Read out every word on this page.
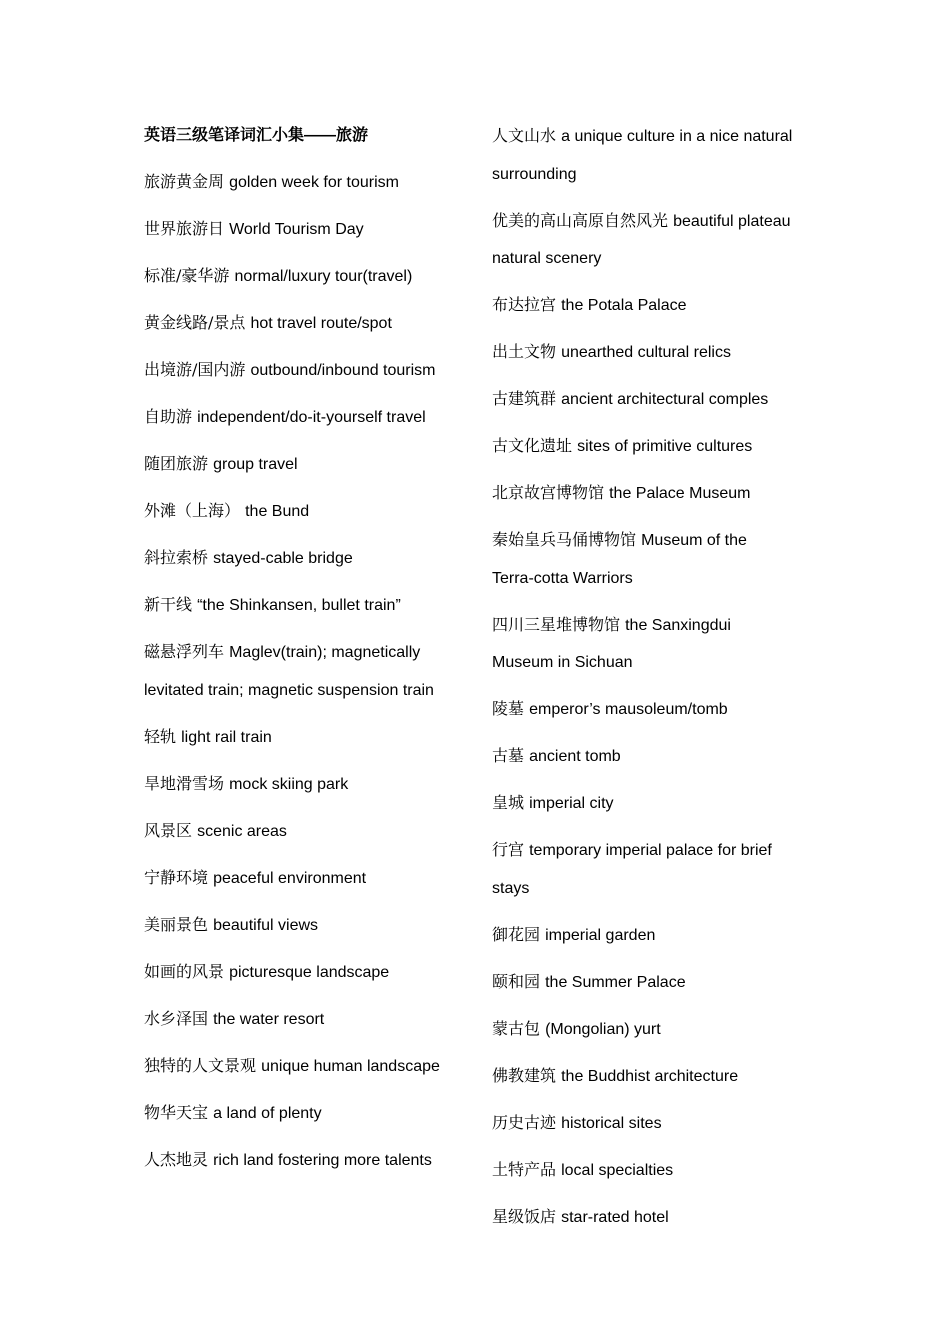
英语三级笔译词汇小集——旅游
旅游黄金周 golden week for tourism
世界旅游日 World Tourism Day
标准/豪华游 normal/luxury tour(travel)
黄金线路/景点 hot travel route/spot
出境游/国内游 outbound/inbound tourism
自助游 independent/do-it-yourself travel
随团旅游 group travel
外滩（上海） the Bund
斜拉索桥 stayed-cable bridge
新干线 “the Shinkansen, bullet train”
磁悬浮列车 Maglev(train); magnetically
levitated train; magnetic suspension train
轻轨 light rail train
旱地滑雪场 mock skiing park
风景区 scenic areas
宁静环境 peaceful environment
美丽景色 beautiful views
如画的风景 picturesque landscape
水乡泽国 the water resort
独特的人文景观 unique human landscape
物华天宝 a land of plenty
人杰地灵 rich land fostering more talents
人文山水 a unique culture in a nice natural
surrounding
优美的高山高原自然风光 beautiful plateau
natural scenery
布达拉宫 the Potala Palace
出土文物 unearthed cultural relics
古建筑群 ancient architectural comples
古文化遗址 sites of primitive cultures
北京故宫博物馆 the Palace Museum
秦始皇兵马俑博物馆 Museum of the
Terra-cotta Warriors
四川三星堆博物馆 the Sanxingdui
Museum in Sichuan
陵墓 emperor’s mausoleum/tomb
古墓 ancient tomb
皇城 imperial city
行宫 temporary imperial palace for brief
stays
御花园 imperial garden
颐和园 the Summer Palace
蒙古包 (Mongolian) yurt
佛教建筑 the Buddhist architecture
历史古迹 historical sites
土特产品 local specialties
星级饭店 star-rated hotel
